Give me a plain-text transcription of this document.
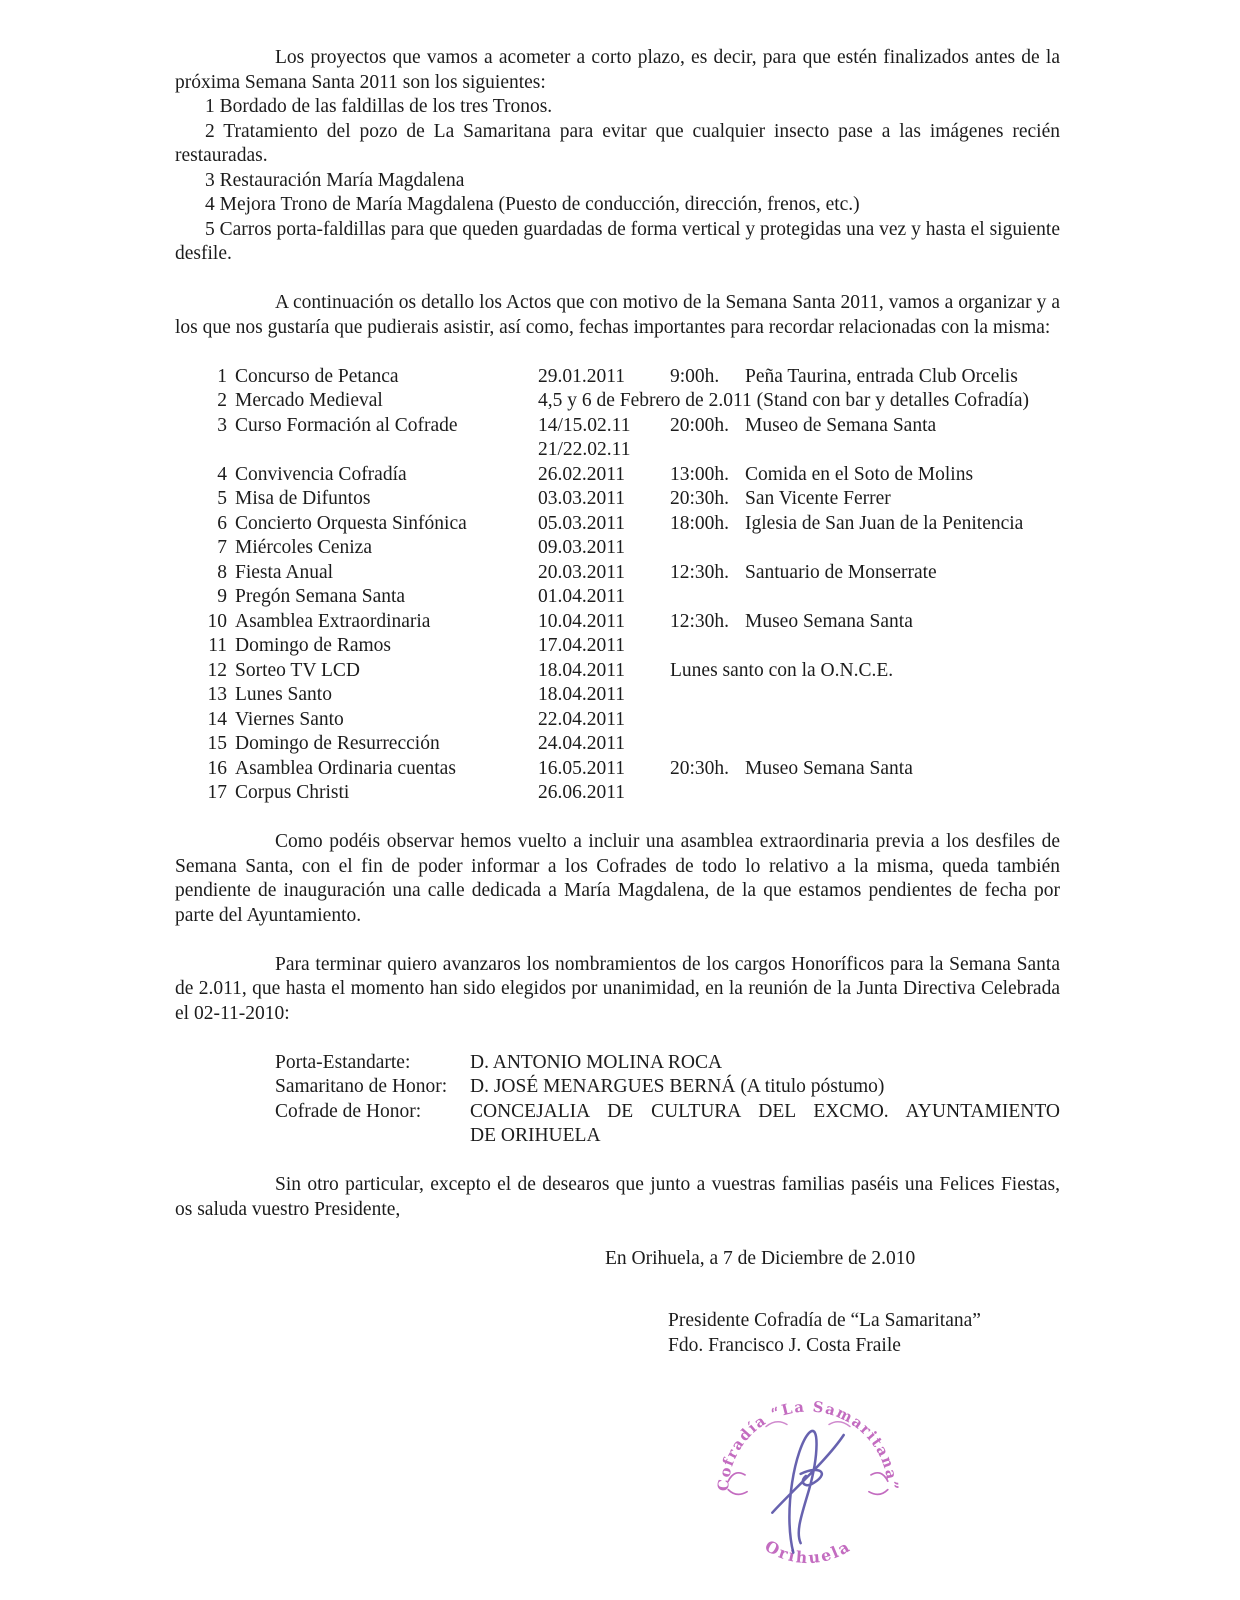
Los proyectos que vamos a acometer a corto plazo, es decir, para que estén finalizados antes de la próxima Semana Santa 2011 son los siguientes:

1 Bordado de las faldillas de los tres Tronos.

2 Tratamiento del pozo de La Samaritana para evitar que cualquier insecto pase a las imágenes recién restauradas.

3 Restauración María Magdalena

4 Mejora Trono de María Magdalena (Puesto de conducción, dirección, frenos, etc.)

5 Carros porta-faldillas para que queden guardadas de forma vertical y protegidas una vez y hasta el siguiente desfile.

A continuación os detallo los Actos que con motivo de la Semana Santa 2011, vamos a organizar y a los que nos gustaría que pudierais asistir, así como, fechas importantes para recordar relacionadas con la misma:

1 Concurso de Petanca	29.01.2011	9:00h.	Peña Taurina, entrada Club Orcelis
2 Mercado Medieval	4,5 y 6 de Febrero de 2.011 (Stand con bar y detalles Cofradía)
3 Curso Formación al Cofrade	14/15.02.11	20:00h. Museo de Semana Santa
21/22.02.11
4 Convivencia Cofradía	26.02.2011	13:00h. Comida en el Soto de Molins
5 Misa de Difuntos	03.03.2011	20:30h. San Vicente Ferrer
6 Concierto Orquesta Sinfónica	05.03.2011	18:00h. Iglesia de San Juan de la Penitencia
7 Miércoles Ceniza	09.03.2011
8 Fiesta Anual	20.03.2011	12:30h. Santuario de Monserrate
9 Pregón Semana Santa	01.04.2011
10 Asamblea Extraordinaria	10.04.2011	12:30h. Museo Semana Santa
11 Domingo de Ramos	17.04.2011
12 Sorteo TV LCD	18.04.2011	Lunes santo con la O.N.C.E.
13 Lunes Santo	18.04.2011
14 Viernes Santo	22.04.2011
15 Domingo de Resurrección	24.04.2011
16 Asamblea Ordinaria cuentas	16.05.2011	20:30h. Museo Semana Santa
17 Corpus Christi	26.06.2011

Como podéis observar hemos vuelto a incluir una asamblea extraordinaria previa a los desfiles de Semana Santa, con el fin de poder informar a los Cofrades de todo lo relativo a la misma, queda también pendiente de inauguración una calle dedicada a María Magdalena, de la que estamos pendientes de fecha por parte del Ayuntamiento.

Para terminar quiero avanzaros los nombramientos de los cargos Honoríficos para la Semana Santa de 2.011, que hasta el momento han sido elegidos por unanimidad, en la reunión de la Junta Directiva Celebrada el 02-11-2010:

Porta-Estandarte:	D. ANTONIO MOLINA ROCA
Samaritano de Honor:	D. JOSÉ MENARGUES BERNÁ (A titulo póstumo)
Cofrade de Honor:	CONCEJALIA DE CULTURA DEL EXCMO. AYUNTAMIENTO
DE ORIHUELA

Sin otro particular, excepto el de desearos que junto a vuestras familias paséis una Felices Fiestas, os saluda vuestro Presidente,

En Orihuela, a 7 de Diciembre de 2.010
Presidente Cofradía de “La Samaritana”
Fdo. Francisco J. Costa Fraile
Cofradía “La Samaritana”
Orihuela
